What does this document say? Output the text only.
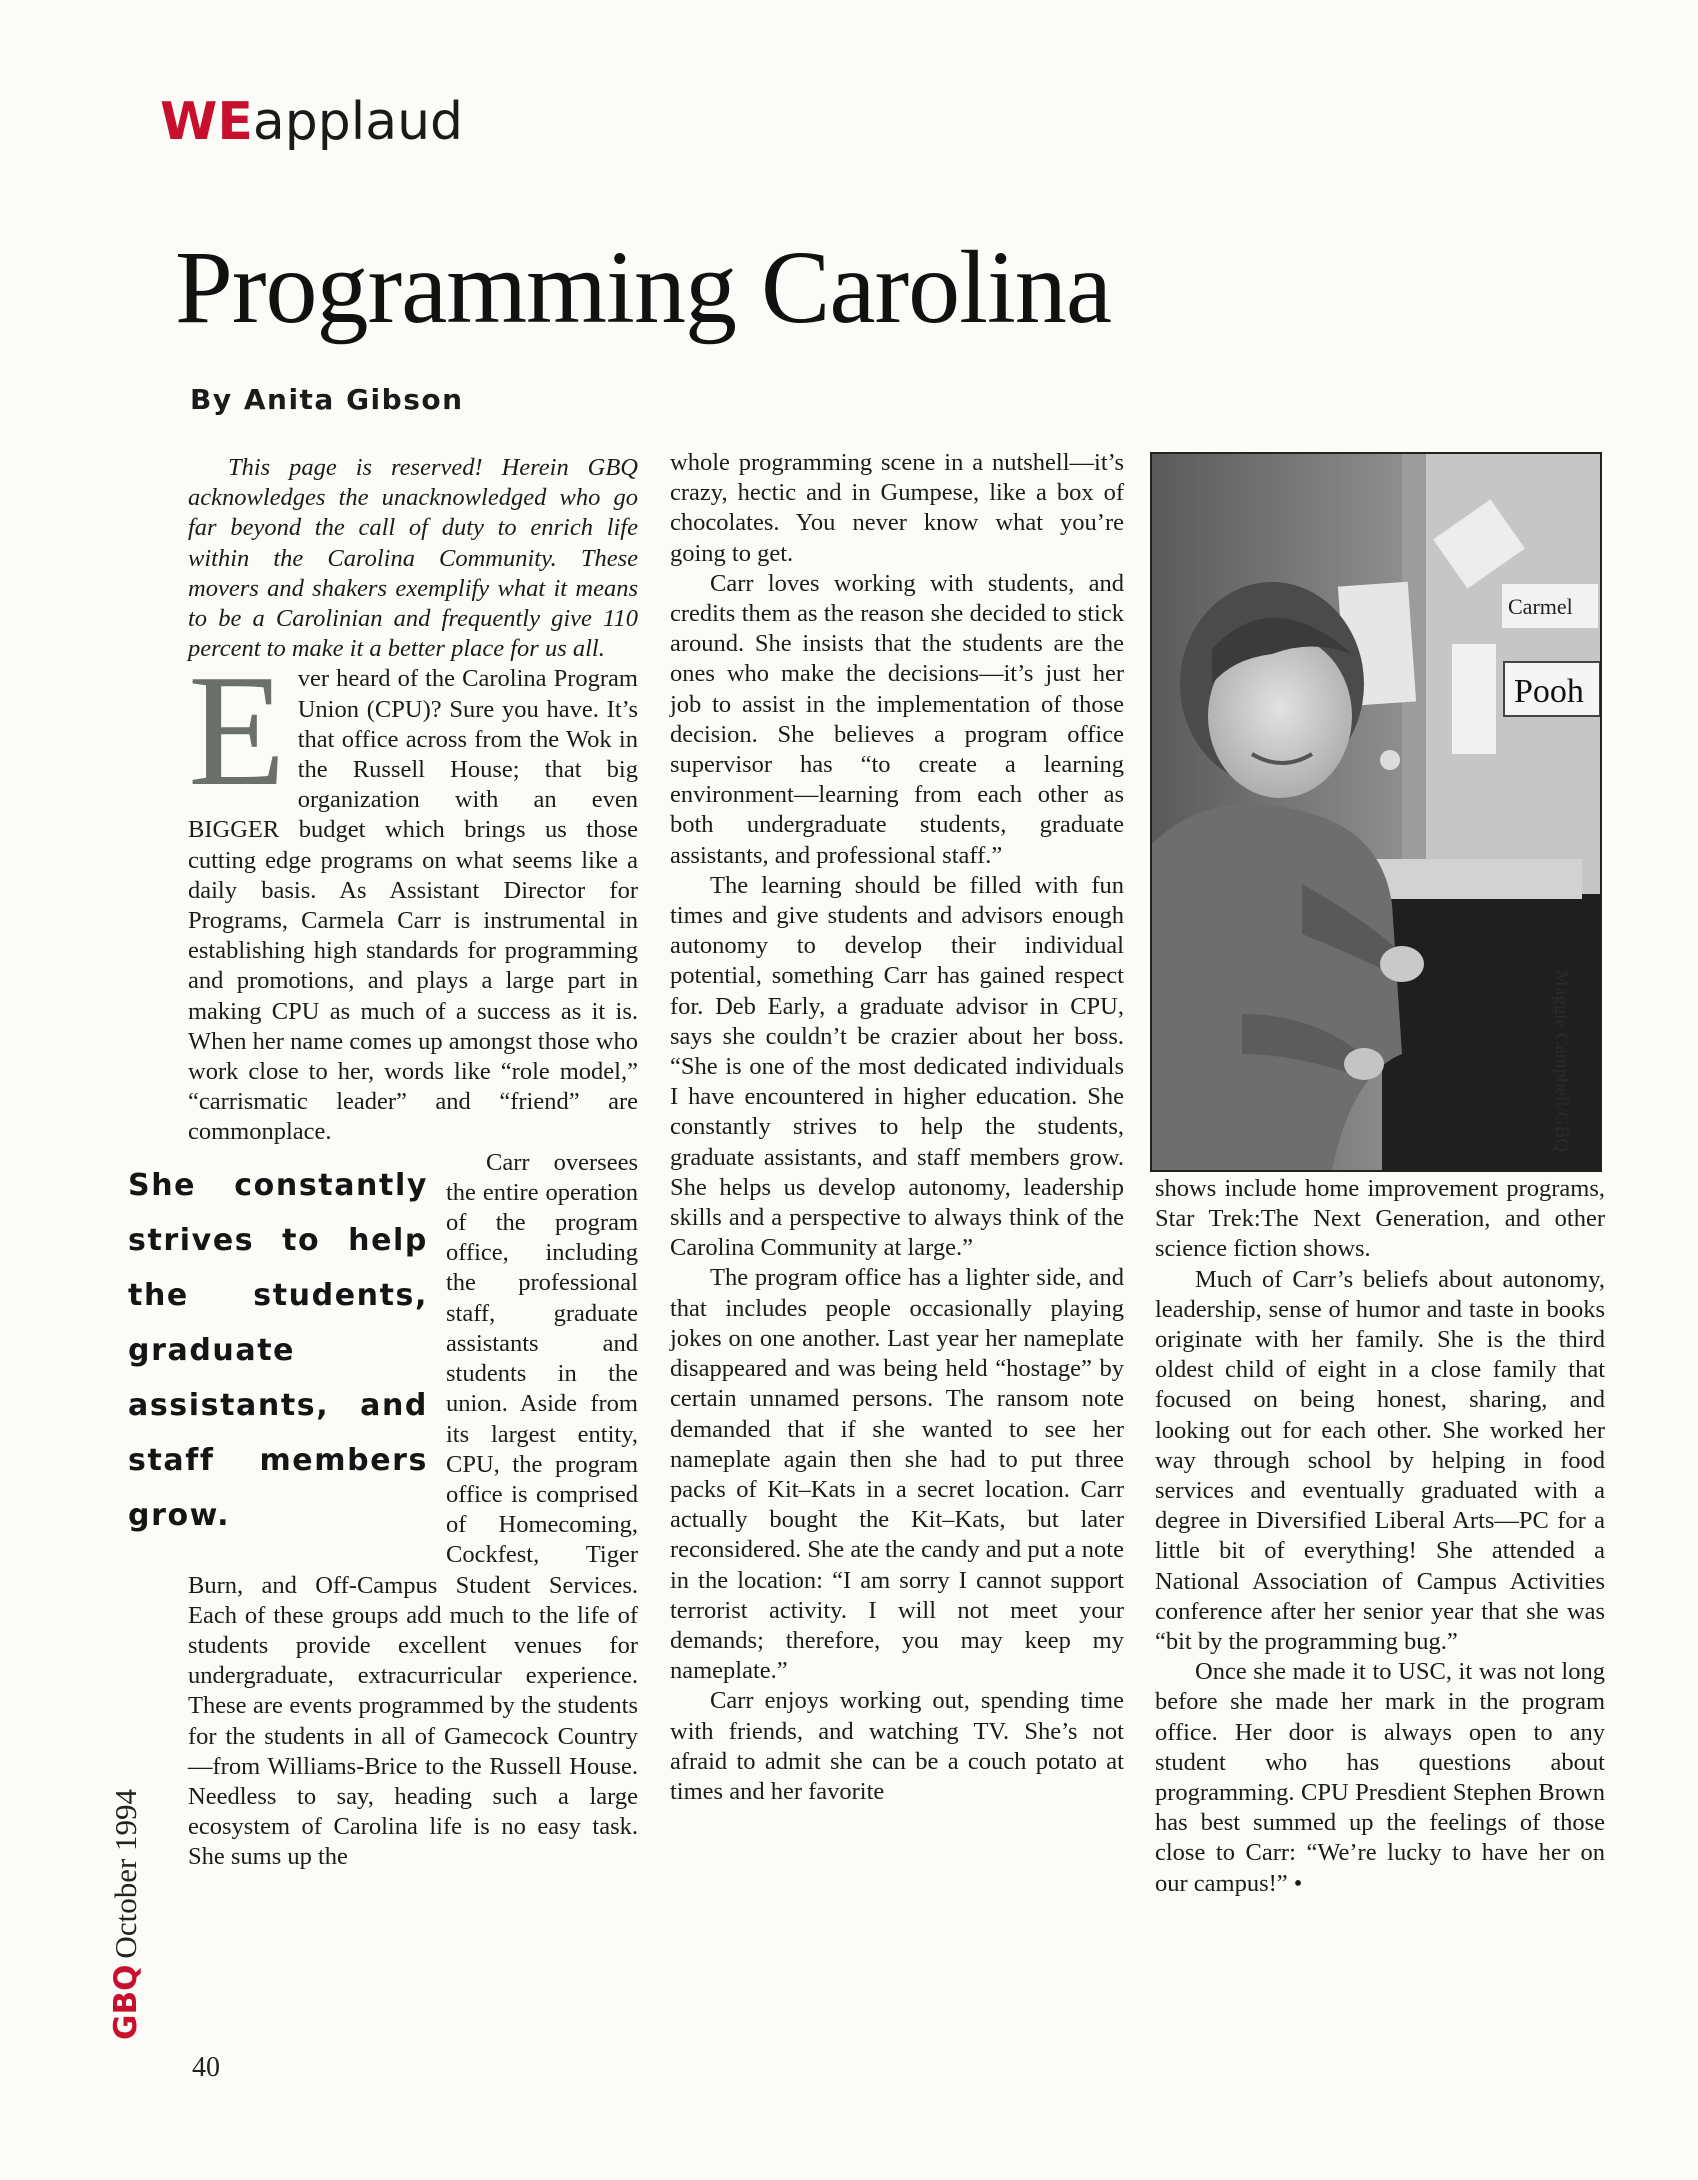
WEapplaud
Programming Carolina
By Anita Gibson

This page is reserved! Herein GBQ acknowledges the unacknowledged who go far beyond the call of duty to enrich life within the Carolina Community. These movers and shakers exemplify what it means to be a Carolinian and frequently give 110 percent to make it a better place for us all.

Ever heard of the Carolina Program Union (CPU)? Sure you have. It’s that office across from the Wok in the Russell House; that big organization with an even BIGGER budget which brings us those cutting edge programs on what seems like a daily basis. As Assistant Director for Programs, Carmela Carr is instrumental in establishing high standards for programming and promotions, and plays a large part in making CPU as much of a success as it is. When her name comes up amongst those who work close to her, words like “role model,” “carrismatic leader” and “friend” are commonplace.

She constantly strives to help the students, graduate assistants, and staff members grow.

Carr oversees the entire operation of the program office, including the professional staff, graduate assistants and students in the union. Aside from its largest entity, CPU, the program office is comprised of Homecoming, Cockfest, Tiger Burn, and Off-Campus Student Services. Each of these groups add much to the life of students provide excellent venues for undergraduate, extracurricular experience. These are events programmed by the students for the students in all of Gamecock Country—from Williams-Brice to the Russell House. Needless to say, heading such a large ecosystem of Carolina life is no easy task. She sums up the

whole programming scene in a nutshell—it’s crazy, hectic and in Gumpese, like a box of chocolates. You never know what you’re going to get.

Carr loves working with students, and credits them as the reason she decided to stick around. She insists that the students are the ones who make the decisions—it’s just her job to assist in the implementation of those decision. She believes a program office supervisor has “to create a learning environment—learning from each other as both undergraduate students, graduate assistants, and professional staff.”

The learning should be filled with fun times and give students and advisors enough autonomy to develop their individual potential, something Carr has gained respect for. Deb Early, a graduate advisor in CPU, says she couldn’t be crazier about her boss. “She is one of the most dedicated individuals I have encountered in higher education. She constantly strives to help the students, graduate assistants, and staff members grow. She helps us develop autonomy, leadership skills and a perspective to always think of the Carolina Community at large.”

The program office has a lighter side, and that includes people occasionally playing jokes on one another. Last year her nameplate disappeared and was being held “hostage” by certain unnamed persons. The ransom note demanded that if she wanted to see her nameplate again then she had to put three packs of Kit–Kats in a secret location. Carr actually bought the Kit–Kats, but later reconsidered. She ate the candy and put a note in the location: “I am sorry I cannot support terrorist activity. I will not meet your demands; therefore, you may keep my nameplate.”

Carr enjoys working out, spending time with friends, and watching TV. She’s not afraid to admit she can be a couch potato at times and her favorite

Carmel
Pooh
Maggie Campbell/GBQ

shows include home improvement programs, Star Trek:The Next Generation, and other science fiction shows.

Much of Carr’s beliefs about autonomy, leadership, sense of humor and taste in books originate with her family. She is the third oldest child of eight in a close family that focused on being honest, sharing, and looking out for each other. She worked her way through school by helping in food services and eventually graduated with a degree in Diversified Liberal Arts—PC for a little bit of everything! She attended a National Association of Campus Activities conference after her senior year that she was “bit by the programming bug.”

Once she made it to USC, it was not long before she made her mark in the program office. Her door is always open to any student who has questions about programming. CPU Presdient Stephen Brown has best summed up the feelings of those close to Carr: “We’re lucky to have her on our campus!” •

GBQOctober 1994
40
